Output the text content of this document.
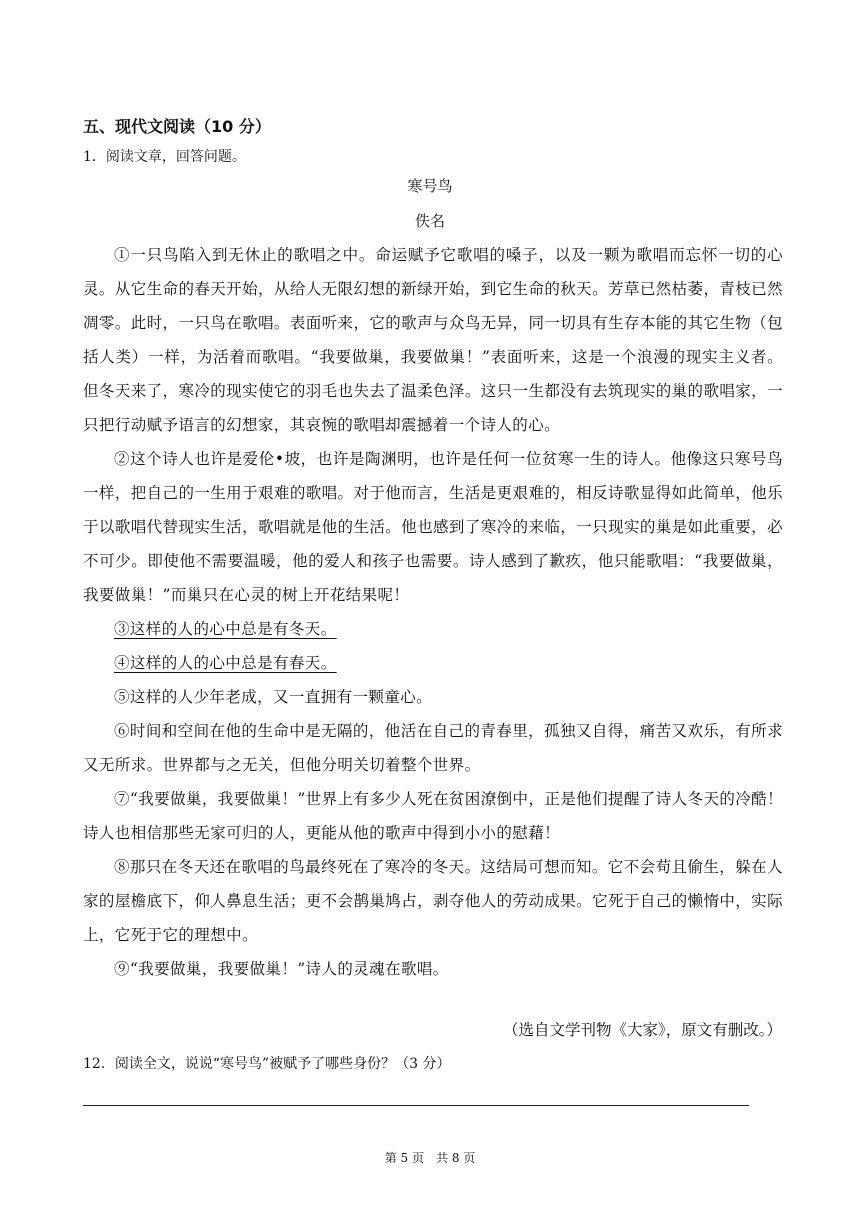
五、现代文阅读（10 分）
1．阅读文章，回答问题。
寒号鸟
佚名

①一只鸟陷入到无休止的歌唱之中。命运赋予它歌唱的嗓子，以及一颗为歌唱而忘怀一切的心灵。从它生命的春天开始，从给人无限幻想的新绿开始，到它生命的秋天。芳草已然枯萎，青枝已然凋零。此时，一只鸟在歌唱。表面听来，它的歌声与众鸟无异，同一切具有生存本能的其它生物（包括人类）一样，为活着而歌唱。“我要做巢，我要做巢！”表面听来，这是一个浪漫的现实主义者。但冬天来了，寒冷的现实使它的羽毛也失去了温柔色泽。这只一生都没有去筑现实的巢的歌唱家，一只把行动赋予语言的幻想家，其哀惋的歌唱却震撼着一个诗人的心。

②这个诗人也许是爱伦•坡，也许是陶渊明，也许是任何一位贫寒一生的诗人。他像这只寒号鸟一样，把自己的一生用于艰难的歌唱。对于他而言，生活是更艰难的，相反诗歌显得如此简单，他乐于以歌唱代替现实生活，歌唱就是他的生活。他也感到了寒冷的来临，一只现实的巢是如此重要，必不可少。即使他不需要温暖，他的爱人和孩子也需要。诗人感到了歉疚，他只能歌唱：“我要做巢，我要做巢！”而巢只在心灵的树上开花结果呢！

③这样的人的心中总是有冬天。

④这样的人的心中总是有春天。

⑤这样的人少年老成，又一直拥有一颗童心。

⑥时间和空间在他的生命中是无隔的，他活在自己的青春里，孤独又自得，痛苦又欢乐，有所求又无所求。世界都与之无关，但他分明关切着整个世界。

⑦“我要做巢，我要做巢！”世界上有多少人死在贫困潦倒中，正是他们提醒了诗人冬天的冷酷！诗人也相信那些无家可归的人，更能从他的歌声中得到小小的慰藉！

⑧那只在冬天还在歌唱的鸟最终死在了寒冷的冬天。这结局可想而知。它不会苟且偷生，躲在人家的屋檐底下，仰人鼻息生活；更不会鹊巢鸠占，剥夺他人的劳动成果。它死于自己的懒惰中，实际上，它死于它的理想中。

⑨“我要做巢，我要做巢！”诗人的灵魂在歌唱。

（选自文学刊物《大家》，原文有删改。）
12．阅读全文，说说“寒号鸟”被赋予了哪些身份？（3 分）
第 5 页　共 8 页
